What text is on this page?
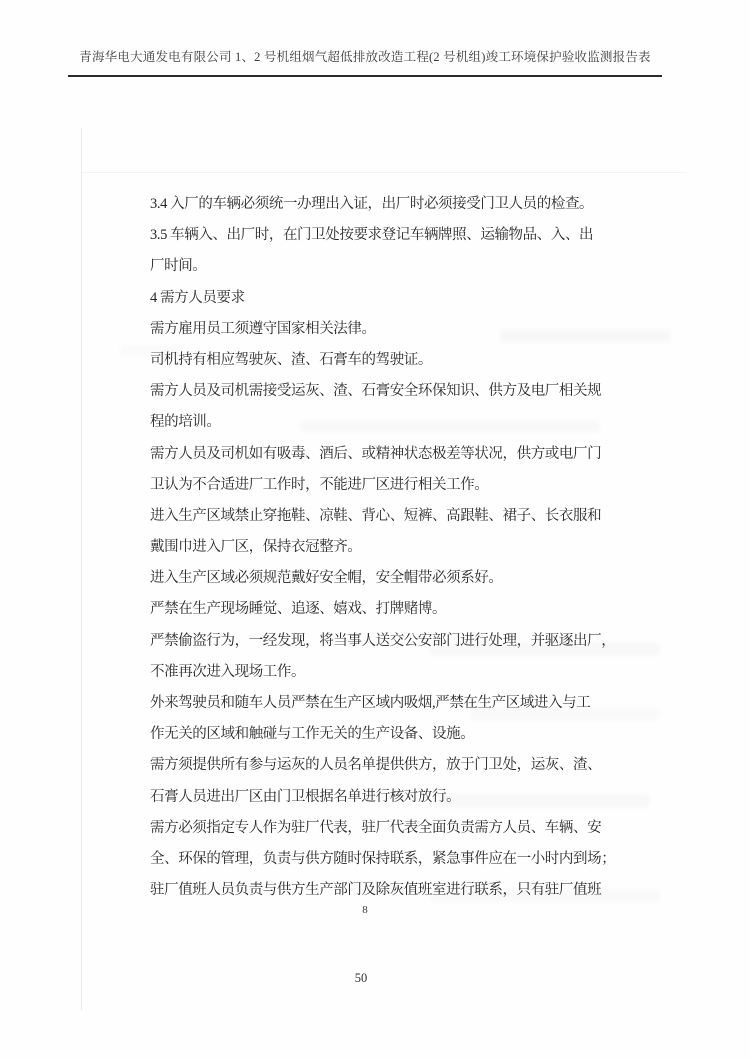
青海华电大通发电有限公司 1、2 号机组烟气超低排放改造工程(2 号机组)竣工环境保护验收监测报告表
3.4 入厂的车辆必须统一办理出入证，出厂时必须接受门卫人员的检查。
3.5 车辆入、出厂时，在门卫处按要求登记车辆牌照、运输物品、入、出
厂时间。
4 需方人员要求
需方雇用员工须遵守国家相关法律。
司机持有相应驾驶灰、渣、石膏车的驾驶证。
需方人员及司机需接受运灰、渣、石膏安全环保知识、供方及电厂相关规
程的培训。
需方人员及司机如有吸毒、酒后、或精神状态极差等状况，供方或电厂门
卫认为不合适进厂工作时，不能进厂区进行相关工作。
进入生产区域禁止穿拖鞋、凉鞋、背心、短裤、高跟鞋、裙子、长衣服和
戴围巾进入厂区，保持衣冠整齐。
进入生产区域必须规范戴好安全帽，安全帽带必须系好。
严禁在生产现场睡觉、追逐、嬉戏、打牌赌博。
严禁偷盗行为，一经发现，将当事人送交公安部门进行处理，并驱逐出厂，
不准再次进入现场工作。
外来驾驶员和随车人员严禁在生产区域内吸烟,严禁在生产区域进入与工
作无关的区域和触碰与工作无关的生产设备、设施。
需方须提供所有参与运灰的人员名单提供供方，放于门卫处，运灰、渣、
石膏人员进出厂区由门卫根据名单进行核对放行。
需方必须指定专人作为驻厂代表，驻厂代表全面负责需方人员、车辆、安
全、环保的管理，负责与供方随时保持联系，紧急事件应在一小时内到场；
驻厂值班人员负责与供方生产部门及除灰值班室进行联系，只有驻厂值班
8
50
